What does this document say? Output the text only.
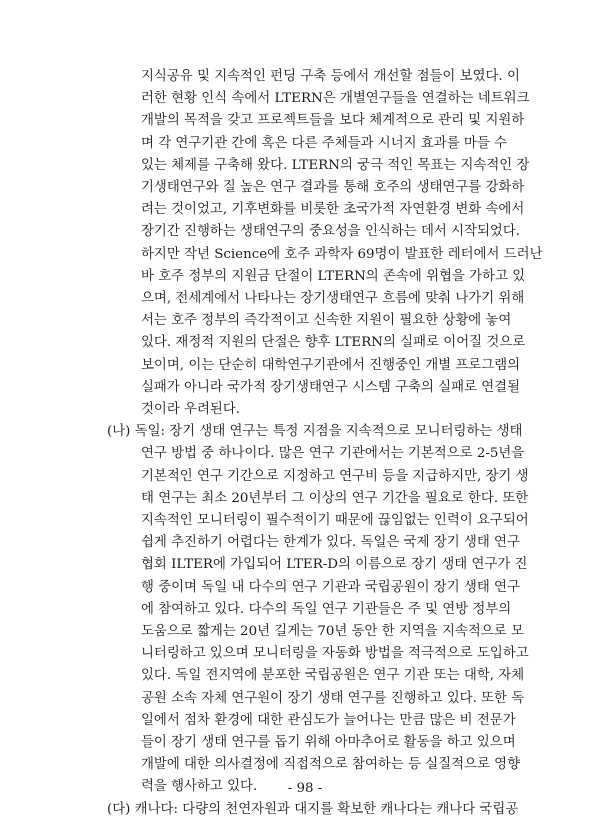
지식공유 및 지속적인 펀딩 구축 등에서 개선할 점들이 보였다. 이
러한 현황 인식 속에서 LTERN은 개별연구들을 연결하는 네트워크
개발의 목적을 갖고 프로젝트들을 보다 체계적으로 관리 및 지원하
며 각 연구기관 간에 혹은 다른 주체들과 시너지 효과를 마들 수
있는 체제를 구축해 왔다. LTERN의 궁극 적인 목표는 지속적인 장
기생태연구와 질 높은 연구 결과를 통해 호주의 생태연구를 강화하
려는 것이었고, 기후변화를 비롯한 초국가적 자연환경 변화 속에서
장기간 진행하는 생태연구의 중요성을 인식하는 데서 시작되었다.
하지만 작년 Science에 호주 과학자 69명이 발표한 레터에서 드러난
바 호주 정부의 지원금 단절이 LTERN의 존속에 위협을 가하고 있
으며, 전세계에서 나타나는 장기생태연구 흐름에 맞춰 나가기 위해
서는 호주 정부의 즉각적이고 신속한 지원이 필요한 상황에 놓여
있다. 재정적 지원의 단절은 향후 LTERN의 실패로 이어질 것으로
보이며, 이는 단순히 대학연구기관에서 진행중인 개별 프로그램의
실패가 아니라 국가적 장기생태연구 시스템 구축의 실패로 연결될
것이라 우려된다.
(나) 독일: 장기 생태 연구는 특정 지점을 지속적으로 모니터링하는 생태
연구 방법 중 하나이다. 많은 연구 기관에서는 기본적으로 2-5년을
기본적인 연구 기간으로 지정하고 연구비 등을 지급하지만, 장기 생
태 연구는 최소 20년부터 그 이상의 연구 기간을 필요로 한다. 또한
지속적인 모니터링이 필수적이기 때문에 끊임없는 인력이 요구되어
쉽게 추진하기 어렵다는 한계가 있다. 독일은 국제 장기 생태 연구
협회 ILTER에 가입되어 LTER-D의 이름으로 장기 생태 연구가 진
행 중이며 독일 내 다수의 연구 기관과 국립공원이 장기 생태 연구
에 참여하고 있다. 다수의 독일 연구 기관들은 주 및 연방 정부의
도움으로 짧게는 20년 길게는 70년 동안 한 지역을 지속적으로 모
니터링하고 있으며 모니터링을 자동화 방법을 적극적으로 도입하고
있다. 독일 전지역에 분포한 국립공원은 연구 기관 또는 대학, 자체
- 98 -
공원 소속 자체 연구원이 장기 생태 연구를 진행하고 있다. 또한 독
일에서 점차 환경에 대한 관심도가 늘어나는 만큼 많은 비 전문가
들이 장기 생태 연구를 돕기 위해 아마추어로 활동을 하고 있으며
개발에 대한 의사결정에 직접적으로 참여하는 등 실질적으로 영향
력을 행사하고 있다.
(다) 캐나다: 다량의 천연자원과 대지를 확보한 캐나다는 캐나다 국립공
